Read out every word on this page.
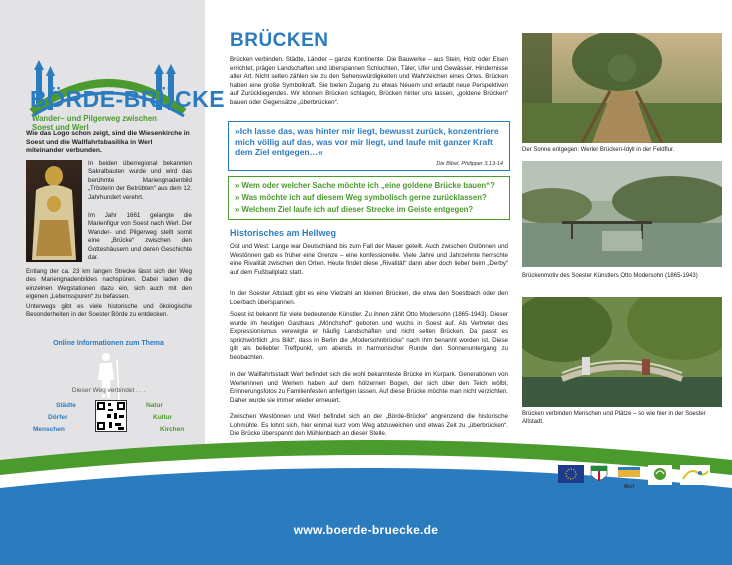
BÖRDE-BRÜCKE
Wander– und Pilgerweg zwischen
Soest und Werl
Wie das Logo schon zeigt, sind die Wiesenkirche in Soest und die Wallfahrtsbasilika in Werl miteinander verbunden.
In beiden überregional bekannten Sakralbauten wurde und wird das berühmte Mariengnadenbild „Trösterin der Betrübten“ aus dem 12. Jahrhundert verehrt.
Im Jahr 1661 gelangte die Marienfigur von Soest nach Werl. Der Wander- und Pilgerweg stellt somit eine „Brücke“ zwischen den Gotteshäusern und deren Geschichte dar.
Entlang der ca. 23 km langen Strecke lässt sich der Weg des Mariengnadenbildes nachspüren. Dabei laden die einzelnen Wegstationen dazu ein, sich auch mit den eigenen „Lebensspuren“ zu befassen.
Unterwegs gibt es viele historische und ökologische Besonderheiten in der Soester Börde zu entdecken.
Online Informationen zum Thema
Dieser Weg verbindet . . .
Städte
Dörfer
Menschen
Natur
Kultur
Kirchen
BRÜCKEN
Brücken verbinden. Städte, Länder – ganze Kontinente. Die Bauwerke – aus Stein, Holz oder Eisen errichtet, prägen Landschaften und überspannen Schluchten, Täler, Ufer und Gewässer. Hindernisse aller Art. Nicht selten zählen sie zu den Sehenswürdigkeiten und Wahrzeichen eines Ortes. Brücken haben eine große Symbolkraft. Sie bieten Zugang zu etwas Neuem und erlaubt neue Perspektiven auf Zurückliegendes. Wir können Brücken schlagen, Brücken hinter uns lassen, „goldene Brücken“ bauen oder Gegensätze „überbrücken“.
»Ich lasse das, was hinter mir liegt, bewusst zurück, konzentriere mich völlig auf das, was vor mir liegt, und laufe mit ganzer Kraft dem Ziel entgegen…«
Die Bibel, Philipper 3,13-14
» Wem oder welcher Sache möchte ich „eine goldene Brücke bauen“?
» Was möchte ich auf diesem Weg symbolisch gerne zurücklassen?
» Welchem Ziel laufe ich auf dieser Strecke im Geiste entgegen?
Historisches am Hellweg
Ost und West: Lange war Deutschland bis zum Fall der Mauer geteilt. Auch zwischen Ostönnen und Westönnen gab es früher eine Grenze – eine konfessionelle. Viele Jahre und Jahrzehnte herrschte eine Rivalität zwischen den Orten. Heute findet diese „Rivalität“ dann aber doch lieber beim „Derby“ auf dem Fußballplatz statt.
In der Soester Altstadt gibt es eine Vielzahl an kleinen Brücken, die etwa den Soestbach oder den Loerbach überspannen.
Soest ist bekannt für viele bedeutende Künstler. Zu ihnen zählt Otto Modersohn (1865-1943). Dieser wurde im heutigen Gasthaus „Mönchshof“ geboren und wuchs in Soest auf. Als Vertreter des Expressionismus verewigte er häufig Landschaften und nicht selten Brücken. Da passt es sprichwörtlich „ins Bild“, dass in Berlin die „Modersohnbrücke“ nach ihm benannt worden ist. Diese gilt als beliebter Treffpunkt, um abends in harmonischer Runde den Sonnenuntergang zu beobachten.
In der Wallfahrtsstadt Werl befindet sich die wohl bekannteste Brücke im Kurpark. Generationen von Werlerinnen und Werlern haben auf dem hölzernen Bogen, der sich über den Teich wölbt, Erinnerungsfotos zu Familienfesten anfertigen lassen. Auf diese Brücke möchte man nicht verzichten. Daher wurde sie immer wieder erneuert.
Zwischen Westönnen und Werl befindet sich an der „Börde-Brücke“ angrenzend die historische Lohmühle. Es lohnt sich, hier einmal kurz vom Weg abzuweichen und etwas Zeit zu „überbrücken“. Die Brücke überspannt den Mühlenbach an dieser Stelle.
Der Sonne entgegen: Werler Brücken-Idyll in der Feldflur.
Brückenmotiv des Soester Künstlers Otto Modersohn (1865-1943)
Brücken verbinden Menschen und Plätze – so wie hier in der Soester Altstadt.
www.boerde-bruecke.de
Werl
